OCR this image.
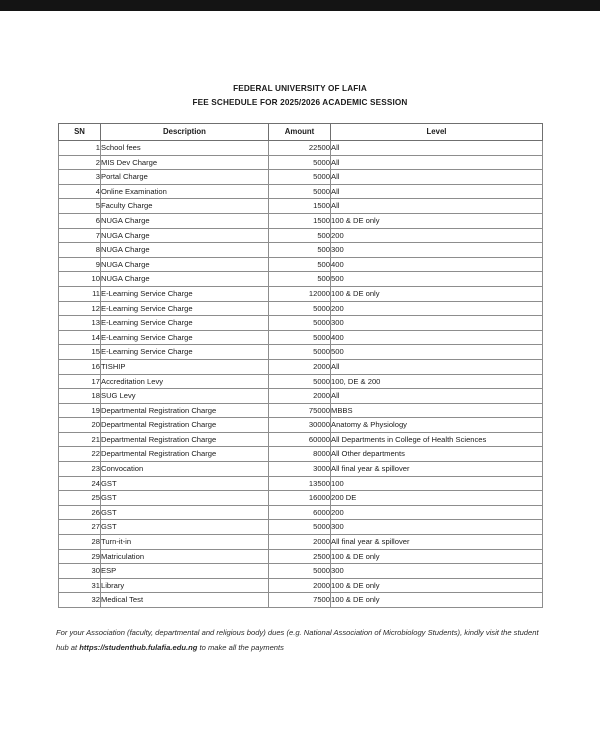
FEDERAL UNIVERSITY OF LAFIA
FEE SCHEDULE FOR 2025/2026 ACADEMIC SESSION
SN	Description	Amount	Level
1	School fees	22500	All
2	MIS Dev Charge	5000	All
3	Portal Charge	5000	All
4	Online Examination	5000	All
5	Faculty Charge	1500	All
6	NUGA Charge	1500	100 & DE only
7	NUGA Charge	500	200
8	NUGA Charge	500	300
9	NUGA Charge	500	400
10	NUGA Charge	500	500
11	E-Learning Service Charge	12000	100 & DE only
12	E-Learning Service Charge	5000	200
13	E-Learning Service Charge	5000	300
14	E-Learning Service Charge	5000	400
15	E-Learning Service Charge	5000	500
16	TISHIP	2000	All
17	Accreditation Levy	5000	100, DE & 200
18	SUG Levy	2000	All
19	Departmental Registration Charge	75000	MBBS
20	Departmental Registration Charge	30000	Anatomy & Physiology
21	Departmental Registration Charge	60000	All Departments in College of Health Sciences
22	Departmental Registration Charge	8000	All Other departments
23	Convocation	3000	All final year & spillover
24	GST	13500	100
25	GST	16000	200 DE
26	GST	6000	200
27	GST	5000	300
28	Turn-it-in	2000	All final year & spillover
29	Matriculation	2500	100 & DE only
30	ESP	5000	300
31	Library	2000	100 & DE only
32	Medical Test	7500	100 & DE only
For your Association (faculty, departmental and religious body) dues (e.g. National Association of Microbiology Students), kindly visit the student hub at https://studenthub.fulafia.edu.ng to make all the payments
